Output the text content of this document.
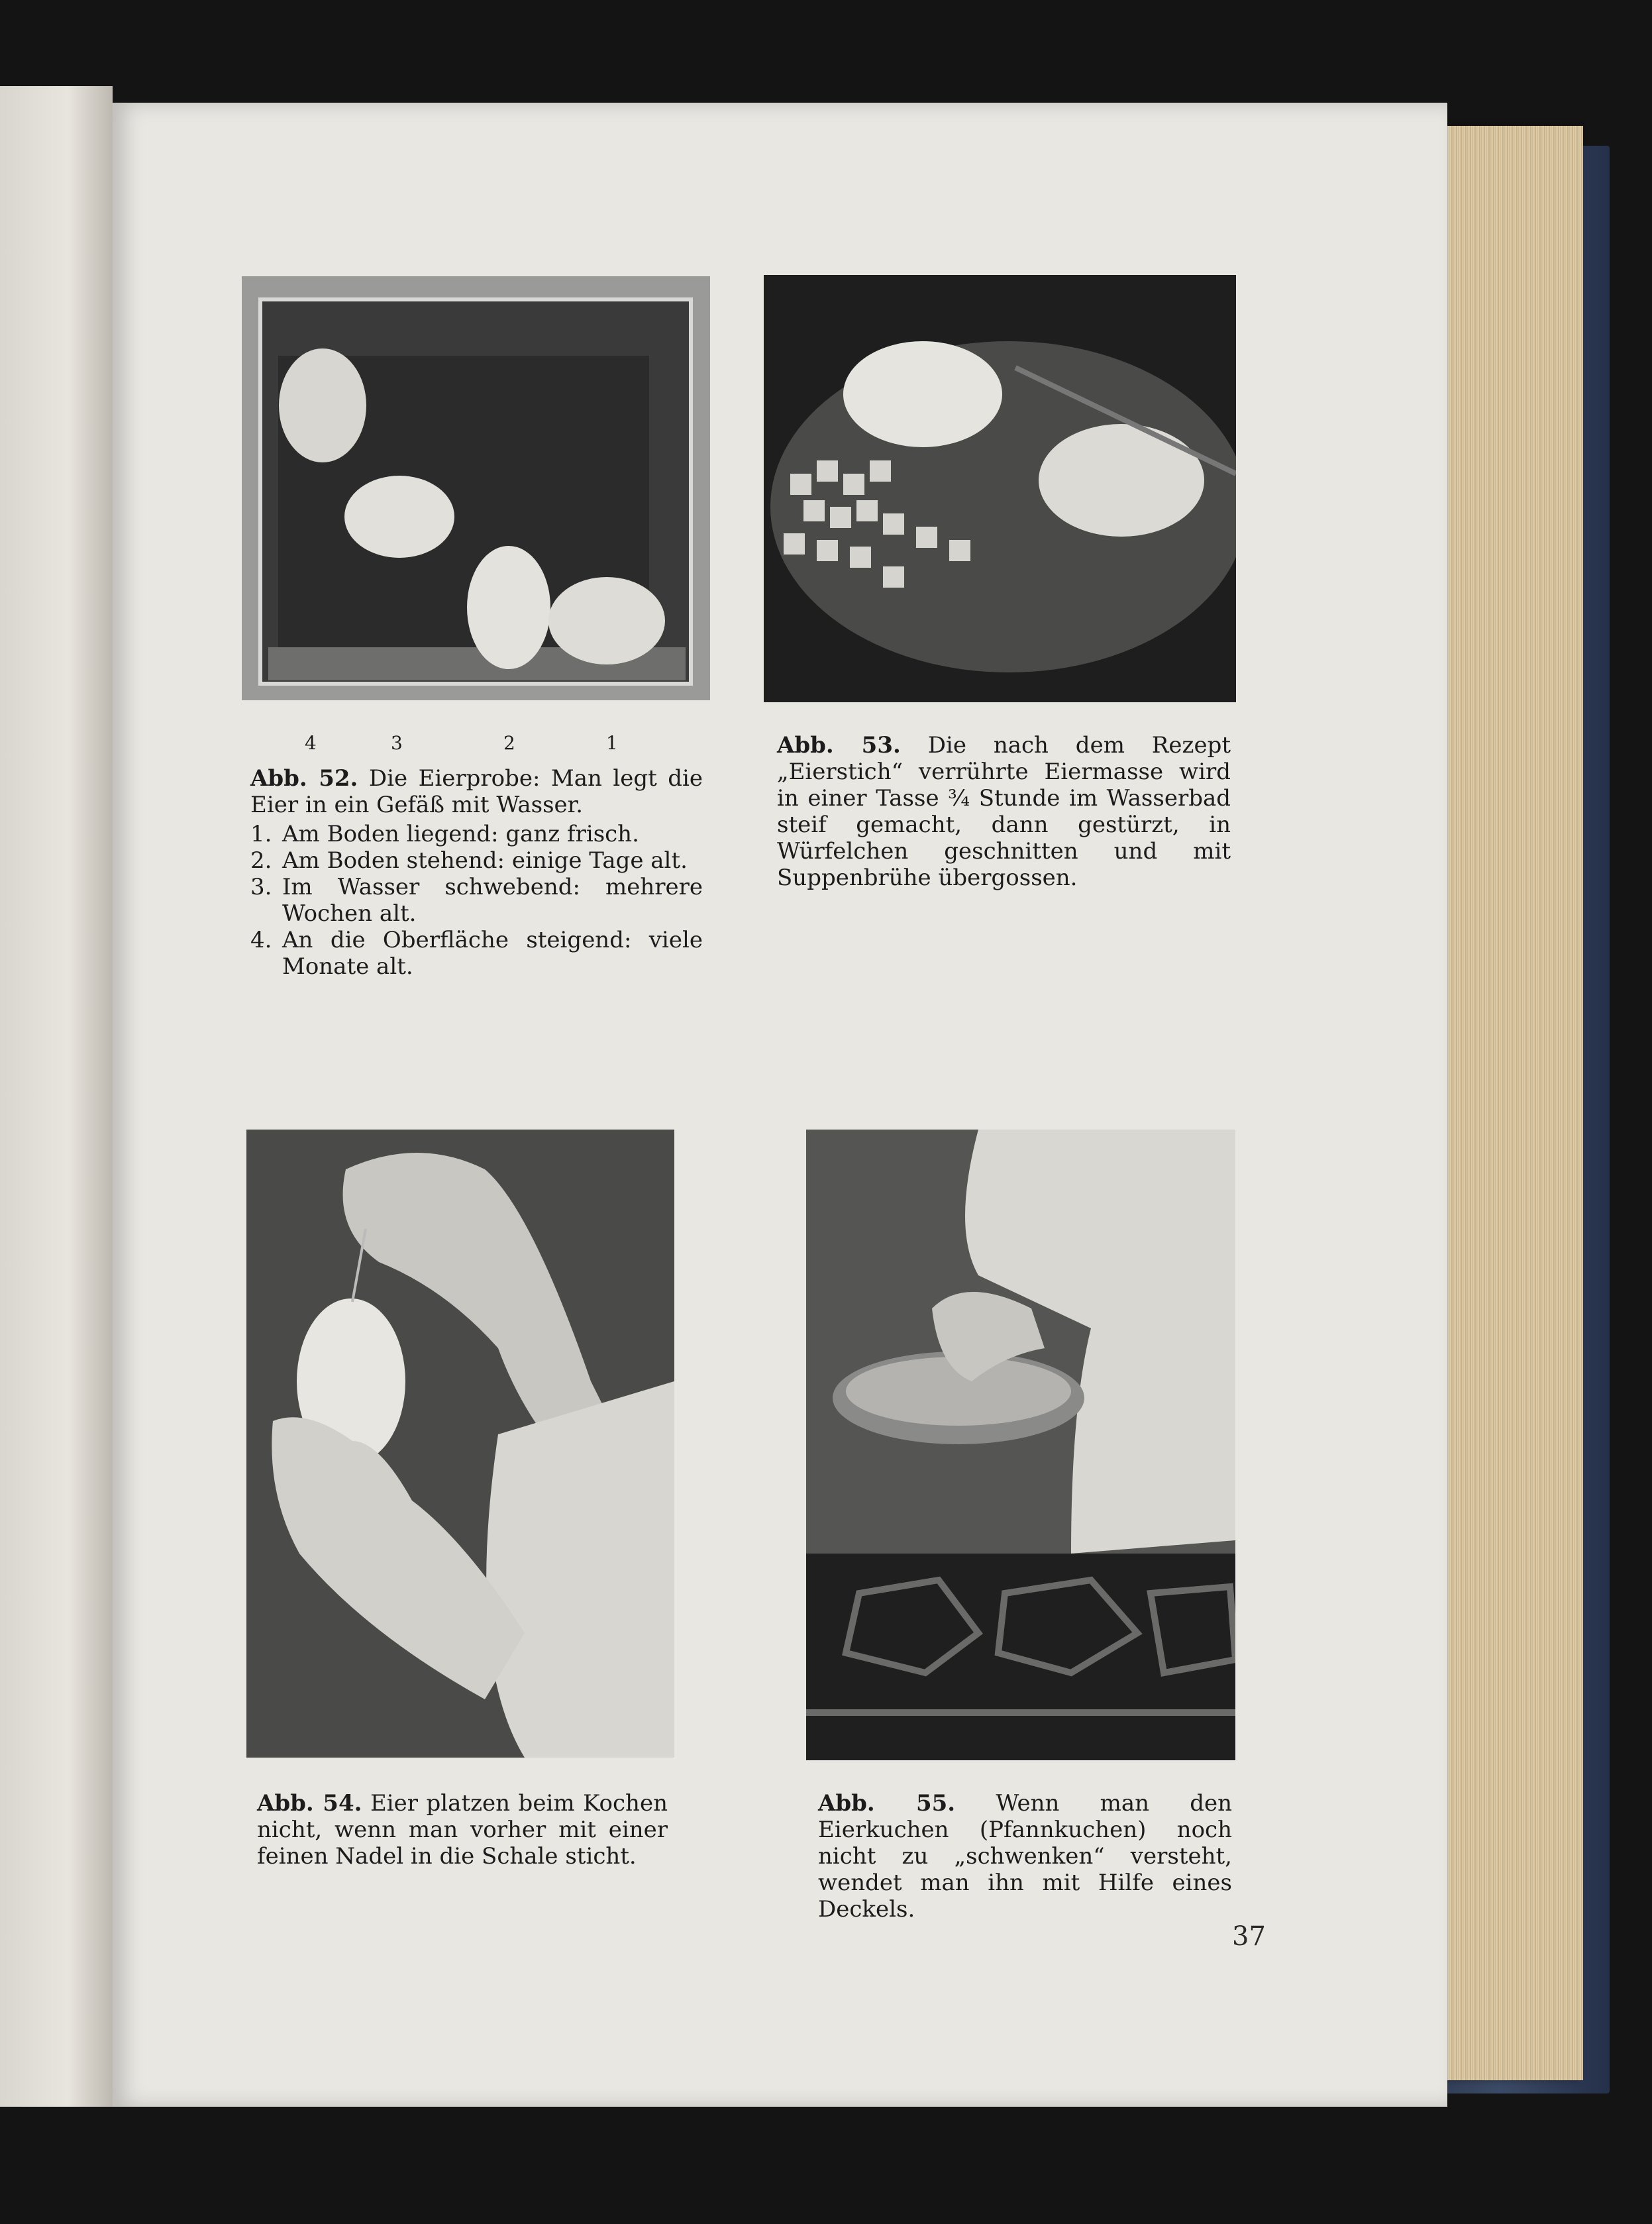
4	3	2	1

Abb. 52. Die Eierprobe: Man legt die Eier in ein Gefäß mit Wasser.

1. Am Boden liegend: ganz frisch.
2. Am Boden stehend: einige Tage alt.
3. Im Wasser schwebend: mehrere Wochen alt.
4. An die Oberfläche steigend: viele Monate alt.

Abb. 53. Die nach dem Rezept „Eierstich“ verrührte Eiermasse wird in einer Tasse ¾ Stunde im Wasserbad steif gemacht, dann gestürzt, in Würfelchen geschnitten und mit Suppenbrühe übergossen.

Abb. 54. Eier platzen beim Kochen nicht, wenn man vorher mit einer feinen Nadel in die Schale sticht.

Abb. 55. Wenn man den Eierkuchen (Pfannkuchen) noch nicht zu „schwenken“ versteht, wendet man ihn mit Hilfe eines Deckels.

37
